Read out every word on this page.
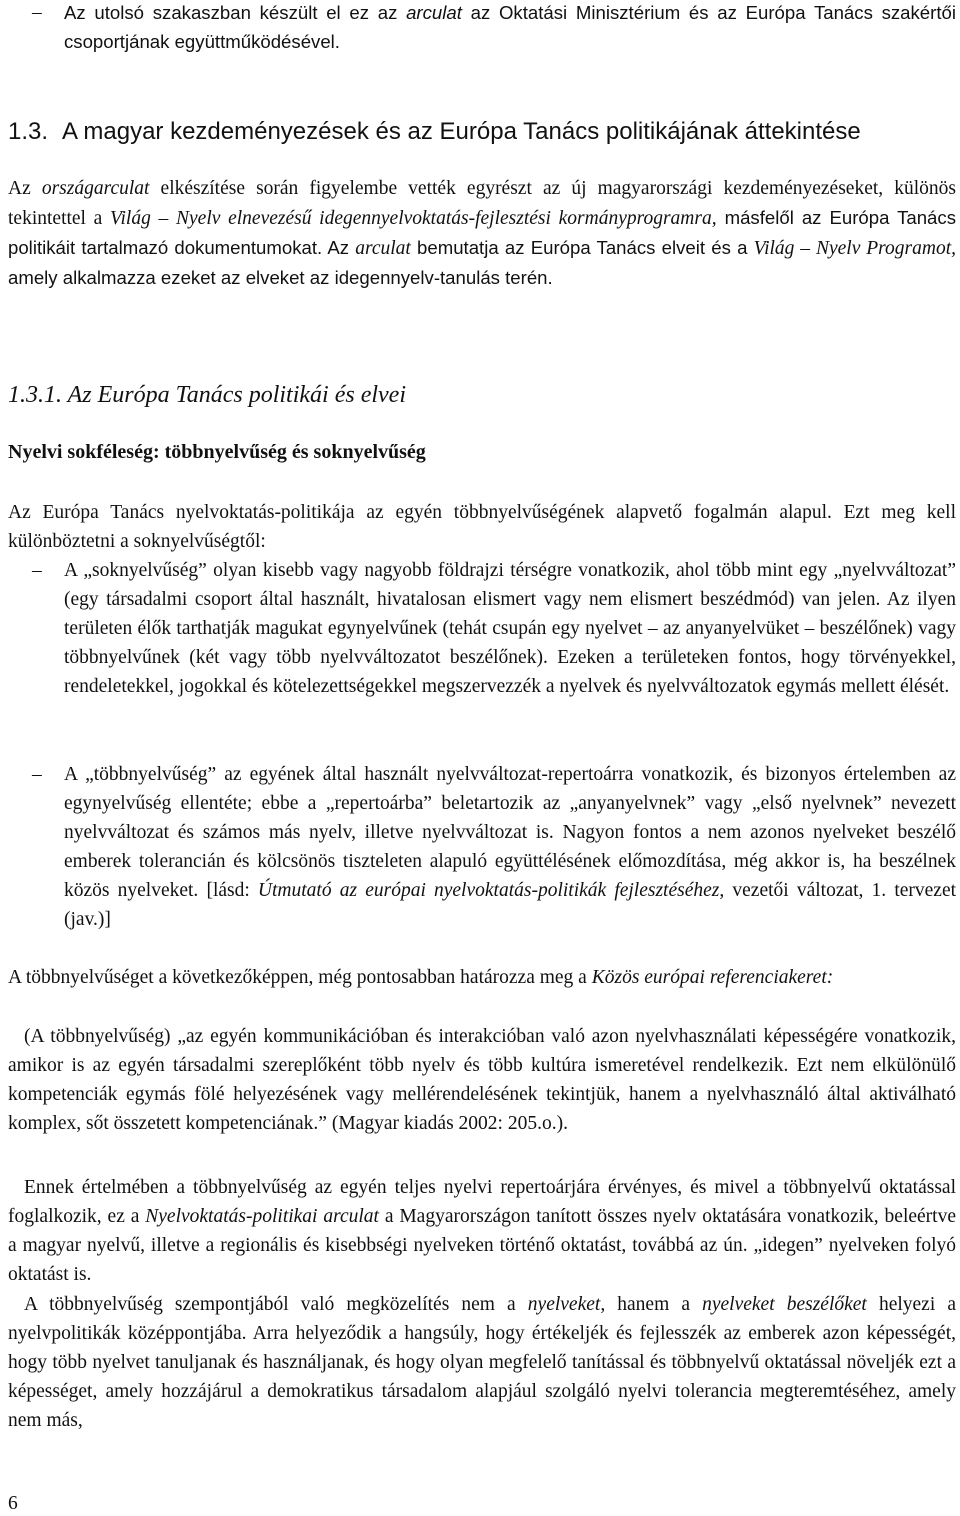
– Az utolsó szakaszban készült el ez az arculat az Oktatási Minisztérium és az Európa Tanács szakértői csoportjának együttműködésével.
1.3. A magyar kezdeményezések és az Európa Tanács politikájának áttekintése
Az országarculat elkészítése során figyelembe vették egyrészt az új magyarországi kezdeményezéseket, különös tekintettel a Világ – Nyelv elnevezésű idegennyelvoktatás-fejlesztési kormányprogramra, másfelől az Európa Tanács politikáit tartalmazó dokumentumokat. Az arculat bemutatja az Európa Tanács elveit és a Világ – Nyelv Programot, amely alkalmazza ezeket az elveket az idegennyelv-tanulás terén.
1.3.1. Az Európa Tanács politikái és elvei
Nyelvi sokféleség: többnyelvűség és soknyelvűség
Az Európa Tanács nyelvoktatás-politikája az egyén többnyelvűségének alapvető fogalmán alapul. Ezt meg kell különböztetni a soknyelvűségtől:
– A „soknyelvűség” olyan kisebb vagy nagyobb földrajzi térségre vonatkozik, ahol több mint egy „nyelvváltozat” (egy társadalmi csoport által használt, hivatalosan elismert vagy nem elismert beszédmód) van jelen. Az ilyen területen élők tarthatják magukat egynyelvűnek (tehát csupán egy nyelvet – az anyanyelvüket – beszélőnek) vagy többnyelvűnek (két vagy több nyelvváltozatot beszélőnek). Ezeken a területeken fontos, hogy törvényekkel, rendeletekkel, jogokkal és kötelezettségekkel megszervezzék a nyelvek és nyelvváltozatok egymás mellett élését.
– A „többnyelvűség” az egyének által használt nyelvváltozat-repertoárra vonatkozik, és bizonyos értelemben az egynyelvűség ellentéte; ebbe a „repertoárba” beletartozik az „anyanyelvnek” vagy „első nyelvnek” nevezett nyelvváltozat és számos más nyelv, illetve nyelvváltozat is. Nagyon fontos a nem azonos nyelveket beszélő emberek tolerancián és kölcsönös tiszteleten alapuló együttélésének előmozdítása, még akkor is, ha beszélnek közös nyelveket. [lásd: Útmutató az európai nyelvoktatás-politikák fejlesztéséhez, vezetői változat, 1. tervezet (jav.)]
A többnyelvűséget a következőképpen, még pontosabban határozza meg a Közös európai referenciakeret:
(A többnyelvűség) „az egyén kommunikációban és interakcióban való azon nyelvhasználati képességére vonatkozik, amikor is az egyén társadalmi szereplőként több nyelv és több kultúra ismeretével rendelkezik. Ezt nem elkülönülő kompetenciák egymás fölé helyezésének vagy mellérendelésének tekintjük, hanem a nyelvhasználó által aktiválható komplex, sőt összetett kompetenciának.” (Magyar kiadás 2002: 205.o.).
Ennek értelmében a többnyelvűség az egyén teljes nyelvi repertoárjára érvényes, és mivel a többnyelvű oktatással foglalkozik, ez a Nyelvoktatás-politikai arculat a Magyarországon tanított összes nyelv oktatására vonatkozik, beleértve a magyar nyelvű, illetve a regionális és kisebbségi nyelveken történő oktatást, továbbá az ún. „idegen” nyelveken folyó oktatást is.
A többnyelvűség szempontjából való megközelítés nem a nyelveket, hanem a nyelveket beszélőket helyezi a nyelvpolitikák középpontjába. Arra helyeződik a hangsúly, hogy értékeljék és fejlesszék az emberek azon képességét, hogy több nyelvet tanuljanak és használjanak, és hogy olyan megfelelő tanítással és többnyelvű oktatással növeljék ezt a képességet, amely hozzájárul a demokratikus társadalom alapjául szolgáló nyelvi tolerancia megteremtéséhez, amely nem más,
6
